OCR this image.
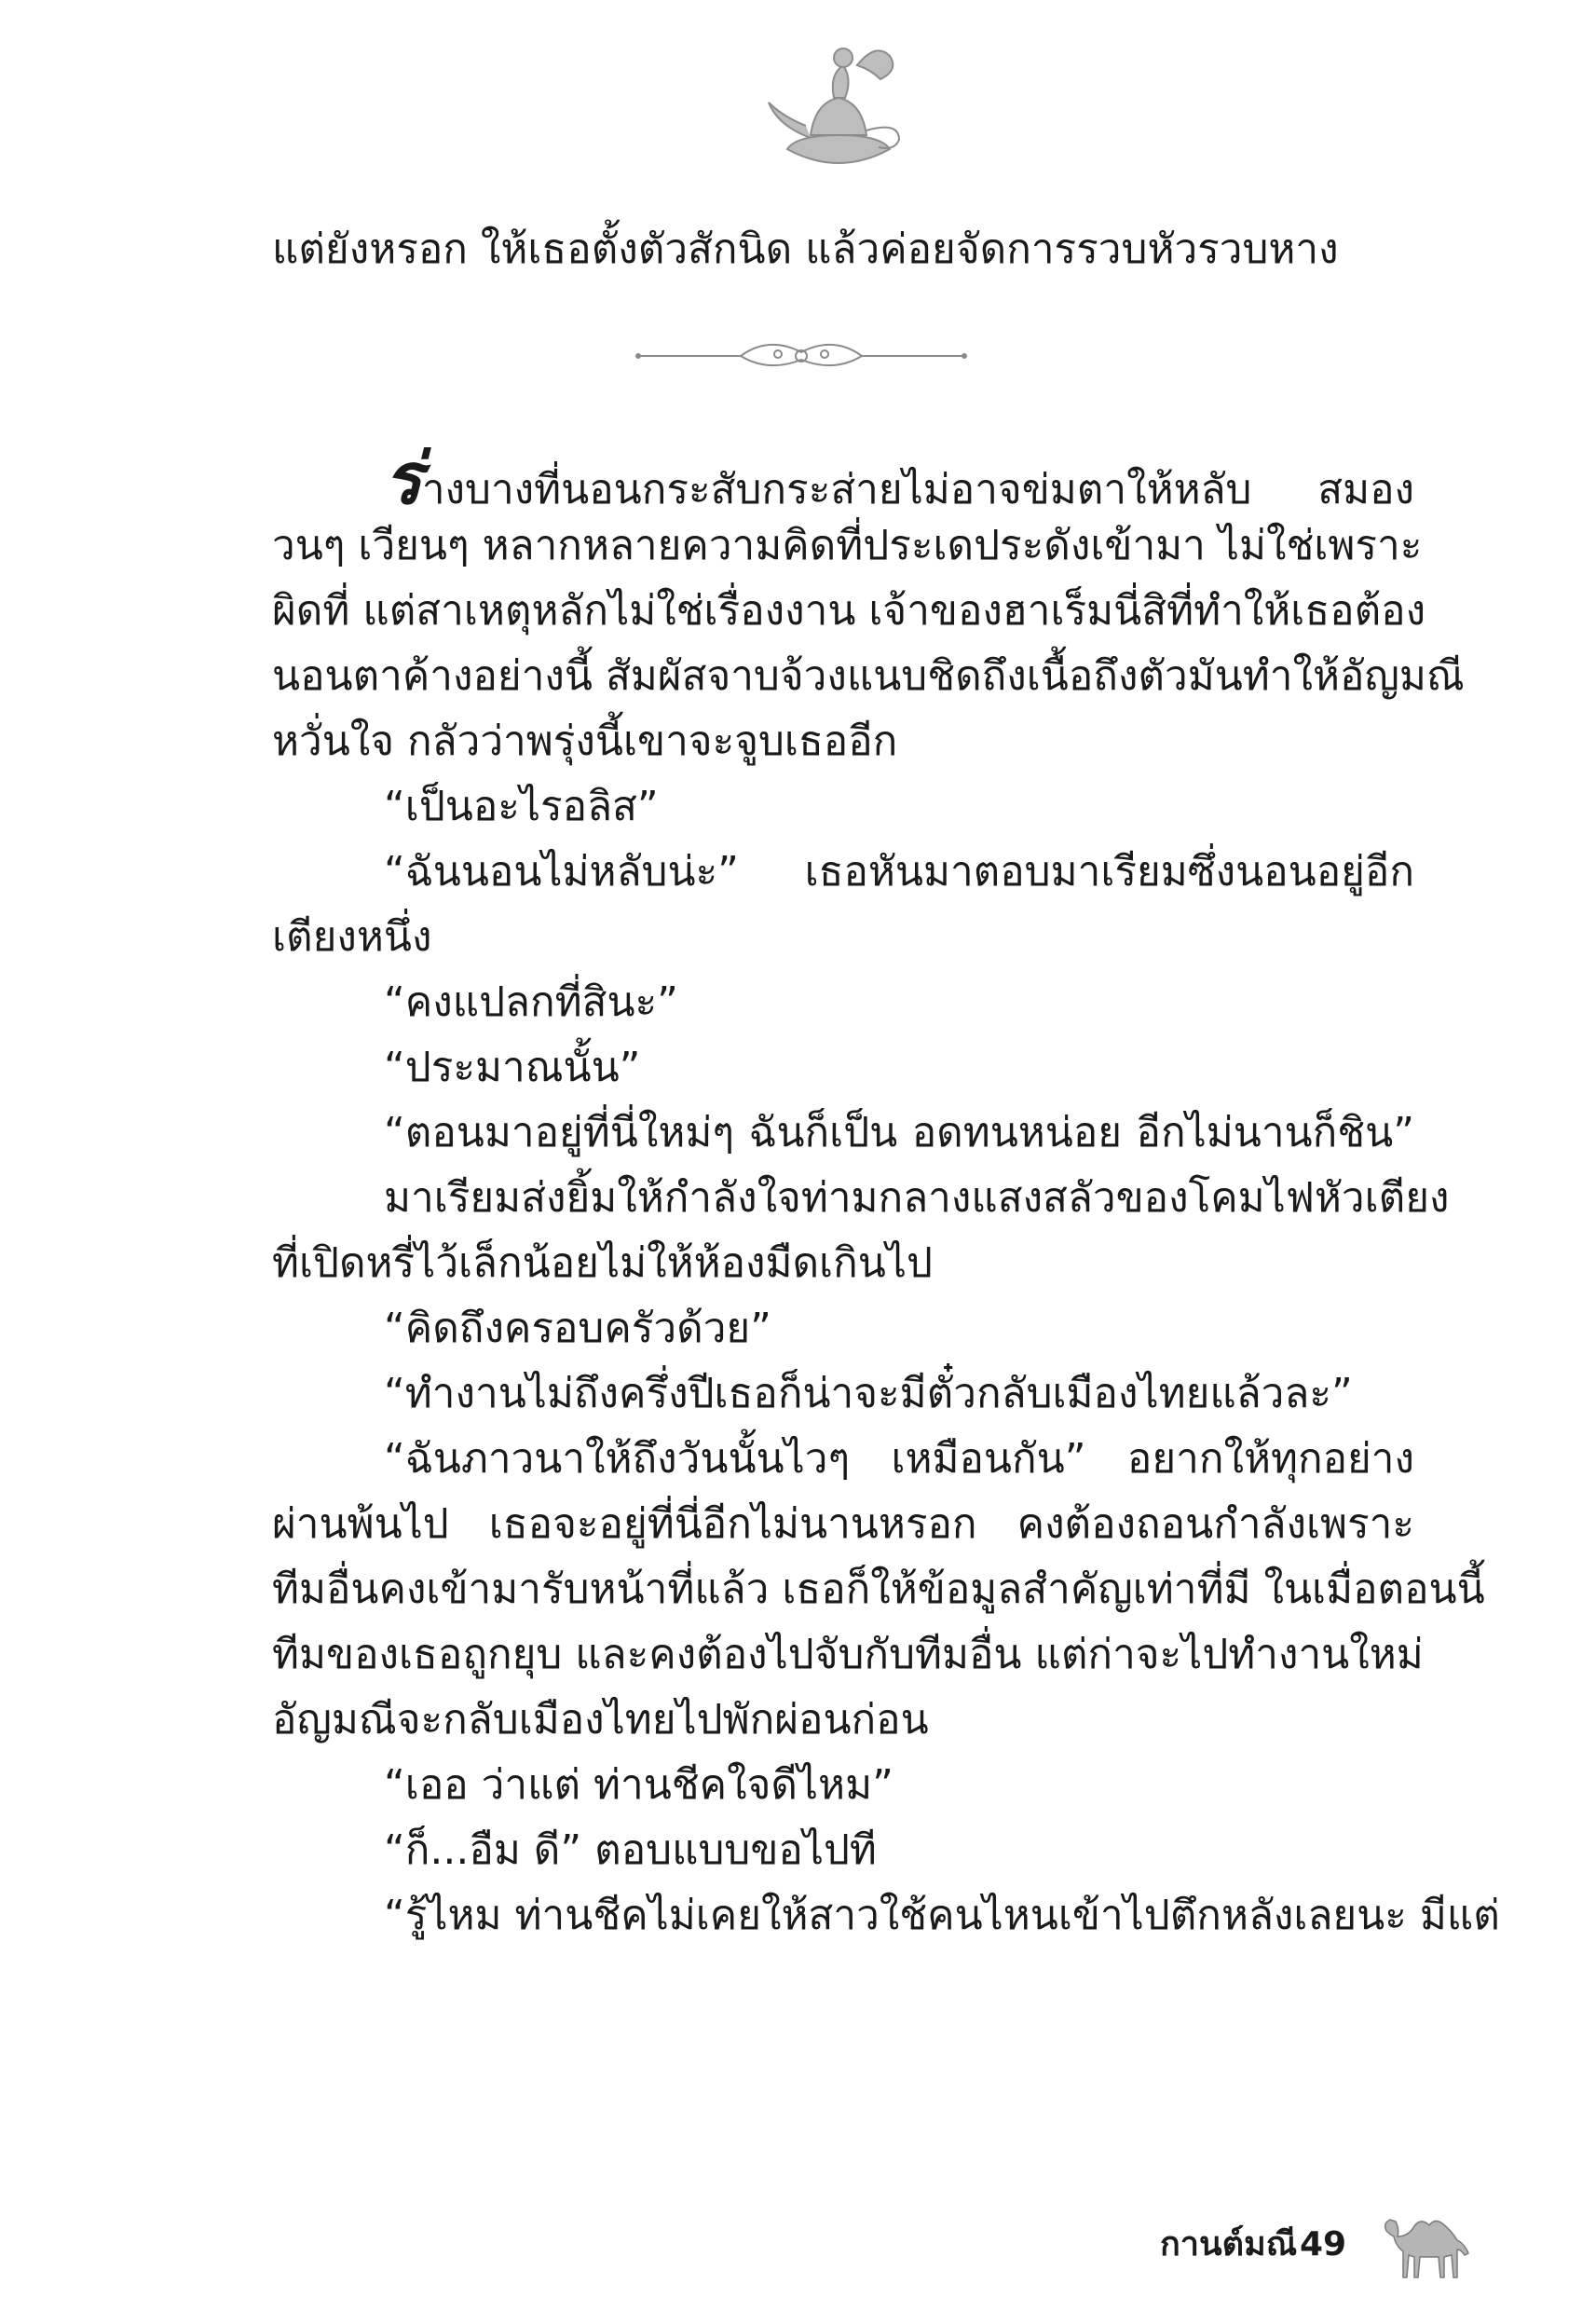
แต่ยังหรอก ให้เธอตั้งตัวสักนิด แล้วค่อยจัดการรวบหัวรวบหาง
ร่างบางที่นอนกระสับกระส่ายไม่อาจข่มตาให้หลับ สมอง
วนๆ เวียนๆ หลากหลายความคิดที่ประเดประดังเข้ามา ไม่ใช่เพราะ
ผิดที่ แต่สาเหตุหลักไม่ใช่เรื่องงาน เจ้าของฮาเร็มนี่สิที่ทำให้เธอต้อง
นอนตาค้างอย่างนี้ สัมผัสจาบจ้วงแนบชิดถึงเนื้อถึงตัวมันทำให้อัญมณี
หวั่นใจ กลัวว่าพรุ่งนี้เขาจะจูบเธออีก
“เป็นอะไรอลิส”
“ฉันนอนไม่หลับน่ะ” เธอหันมาตอบมาเรียมซึ่งนอนอยู่อีก
เตียงหนึ่ง
“คงแปลกที่สินะ”
“ประมาณนั้น”
“ตอนมาอยู่ที่นี่ใหม่ๆ ฉันก็เป็น อดทนหน่อย อีกไม่นานก็ชิน”
มาเรียมส่งยิ้มให้กำลังใจท่ามกลางแสงสลัวของโคมไฟหัวเตียง
ที่เปิดหรี่ไว้เล็กน้อยไม่ให้ห้องมืดเกินไป
“คิดถึงครอบครัวด้วย”
“ทำงานไม่ถึงครึ่งปีเธอก็น่าจะมีตั๋วกลับเมืองไทยแล้วละ”
“ฉันภาวนาให้ถึงวันนั้นไวๆ เหมือนกัน” อยากให้ทุกอย่าง
ผ่านพ้นไป เธอจะอยู่ที่นี่อีกไม่นานหรอก คงต้องถอนกำลังเพราะ
ทีมอื่นคงเข้ามารับหน้าที่แล้ว เธอก็ให้ข้อมูลสำคัญเท่าที่มี ในเมื่อตอนนี้
ทีมของเธอถูกยุบ และคงต้องไปจับกับทีมอื่น แต่ก่าจะไปทำงานใหม่
อัญมณีจะกลับเมืองไทยไปพักผ่อนก่อน
“เออ ว่าแต่ ท่านชีคใจดีไหม”
“ก็...อืม ดี” ตอบแบบขอไปที
“รู้ไหม ท่านชีคไม่เคยให้สาวใช้คนไหนเข้าไปตึกหลังเลยนะ มีแต่
กานต์มณี 49
